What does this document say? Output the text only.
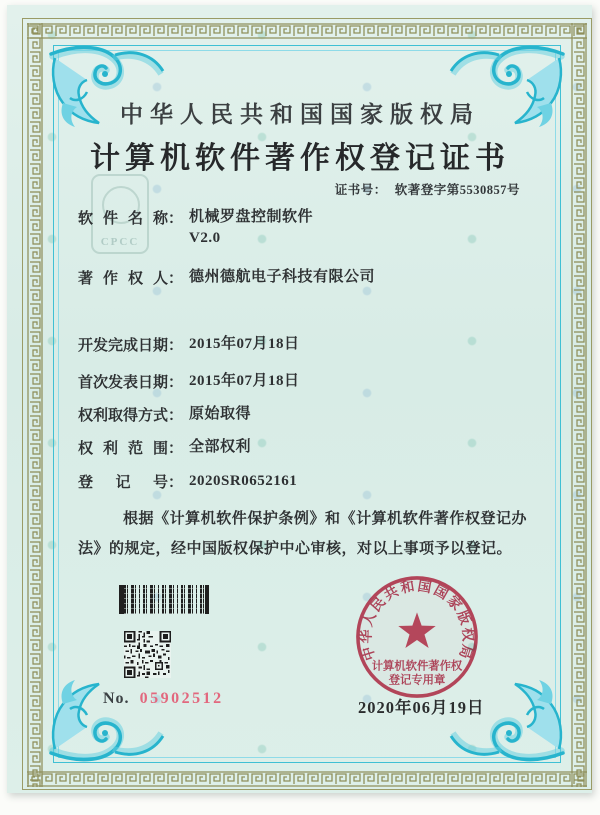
CPCC
中华人民共和国国家版权局
计算机软件著作权登记证书
证书号： 软著登字第5530857号
软件名称： 机械罗盘控制软件
V2.0
著作权人： 德州德航电子科技有限公司
开发完成日期： 2015年07月18日
首次发表日期： 2015年07月18日
权利取得方式： 原始取得
权利范围： 全部权利
登记号： 2020SR0652161
根据《计算机软件保护条例》和《计算机软件著作权登记办法》的规定，经中国版权保护中心审核，对以上事项予以登记。
No. 05902512
中华人民共和国国家版权局
计算机软件著作权
登记专用章
2020年06月19日
